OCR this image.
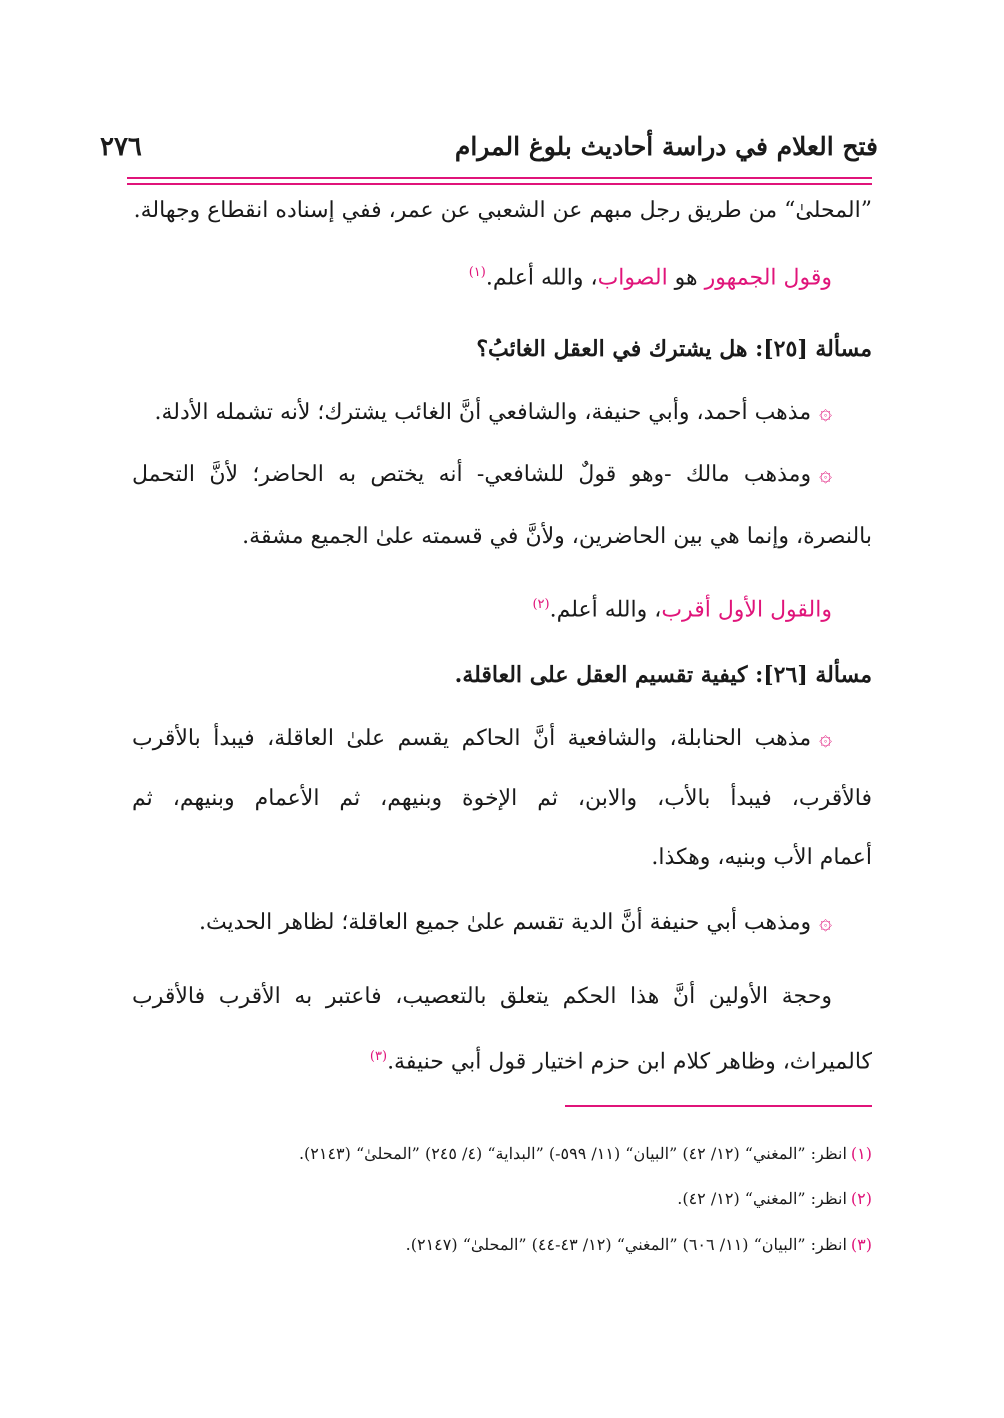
٢٧٦	فتح العلام في دراسة أحاديث بلوغ المرام
”المحلىٰ“ من طريق رجل مبهم عن الشعبي عن عمر، ففي إسناده انقطاع وجهالة.
وقول الجمهور هو الصواب، والله أعلم.$^{(١)}$
مسألة [٢٥]: هل يشترك في العقل الغائبُ؟
۞مذهب أحمد، وأبي حنيفة، والشافعي أنَّ الغائب يشترك؛ لأنه تشمله الأدلة.
۞ومذهب مالك -وهو قولٌ للشافعي- أنه يختص به الحاضر؛ لأنَّ التحمل
بالنصرة، وإنما هي بين الحاضرين، ولأنَّ في قسمته علىٰ الجميع مشقة.
والقول الأول أقرب، والله أعلم.$^{(٢)}$
مسألة [٢٦]: كيفية تقسيم العقل على العاقلة.
۞مذهب الحنابلة، والشافعية أنَّ الحاكم يقسم علىٰ العاقلة، فيبدأ بالأقرب
فالأقرب، فيبدأ بالأب، والابن، ثم الإخوة وبنيهم، ثم الأعمام وبنيهم، ثم
أعمام الأب وبنيه، وهكذا.
۞ومذهب أبي حنيفة أنَّ الدية تقسم علىٰ جميع العاقلة؛ لظاهر الحديث.
وحجة الأولين أنَّ هذا الحكم يتعلق بالتعصيب، فاعتبر به الأقرب فالأقرب
كالميراث، وظاهر كلام ابن حزم اختيار قول أبي حنيفة.$^{(٣)}$
(١)انظر: ”المغني“ (١٢/ ٤٢) ”البيان“ (١١/ ٥٩٩-) ”البداية“ (٤/ ٢٤٥) ”المحلىٰ“ (٢١٤٣).
(٢)انظر: ”المغني“ (١٢/ ٤٢).
(٣)انظر: ”البيان“ (١١/ ٦٠٦) ”المغني“ (١٢/ ٤٣-٤٤) ”المحلىٰ“ (٢١٤٧).
